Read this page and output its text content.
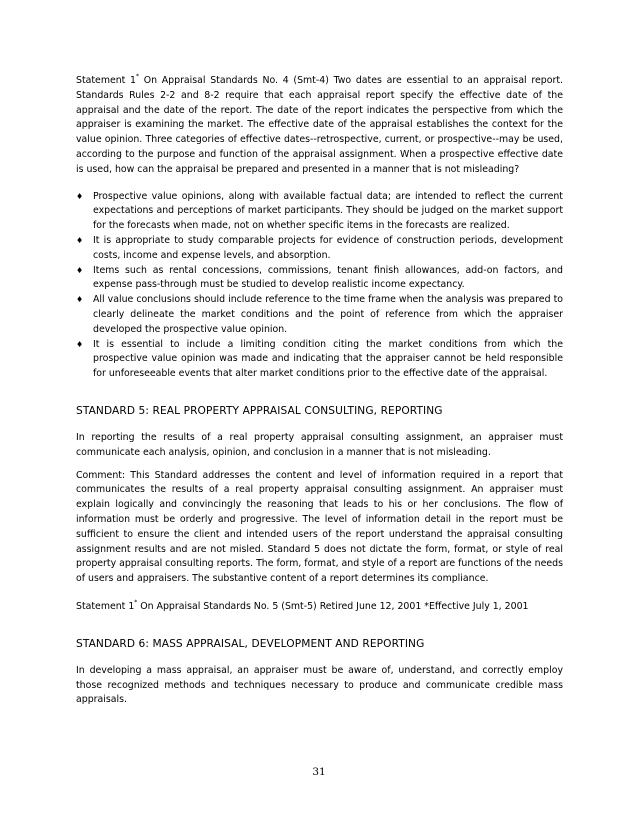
Statement 1* On Appraisal Standards No. 4 (Smt-4) Two dates are essential to an appraisal report. Standards Rules 2-2 and 8-2 require that each appraisal report specify the effective date of the appraisal and the date of the report. The date of the report indicates the perspective from which the appraiser is examining the market. The effective date of the appraisal establishes the context for the value opinion. Three categories of effective dates--retrospective, current, or prospective--may be used, according to the purpose and function of the appraisal assignment. When a prospective effective date is used, how can the appraisal be prepared and presented in a manner that is not misleading?

♦ Prospective value opinions, along with available factual data; are intended to reflect the current expectations and perceptions of market participants. They should be judged on the market support for the forecasts when made, not on whether specific items in the forecasts are realized.
♦ It is appropriate to study comparable projects for evidence of construction periods, development costs, income and expense levels, and absorption.
♦ Items such as rental concessions, commissions, tenant finish allowances, add-on factors, and expense pass-through must be studied to develop realistic income expectancy.
♦ All value conclusions should include reference to the time frame when the analysis was prepared to clearly delineate the market conditions and the point of reference from which the appraiser developed the prospective value opinion.
♦ It is essential to include a limiting condition citing the market conditions from which the prospective value opinion was made and indicating that the appraiser cannot be held responsible for unforeseeable events that alter market conditions prior to the effective date of the appraisal.
STANDARD 5: REAL PROPERTY APPRAISAL CONSULTING, REPORTING

In reporting the results of a real property appraisal consulting assignment, an appraiser must communicate each analysis, opinion, and conclusion in a manner that is not misleading.

Comment: This Standard addresses the content and level of information required in a report that communicates the results of a real property appraisal consulting assignment. An appraiser must explain logically and convincingly the reasoning that leads to his or her conclusions. The flow of information must be orderly and progressive. The level of information detail in the report must be sufficient to ensure the client and intended users of the report understand the appraisal consulting assignment results and are not misled. Standard 5 does not dictate the form, format, or style of real property appraisal consulting reports. The form, format, and style of a report are functions of the needs of users and appraisers. The substantive content of a report determines its compliance.

Statement 1* On Appraisal Standards No. 5 (Smt-5) Retired June 12, 2001 *Effective July 1, 2001

STANDARD 6: MASS APPRAISAL, DEVELOPMENT AND REPORTING

In developing a mass appraisal, an appraiser must be aware of, understand, and correctly employ those recognized methods and techniques necessary to produce and communicate credible mass appraisals.

31
